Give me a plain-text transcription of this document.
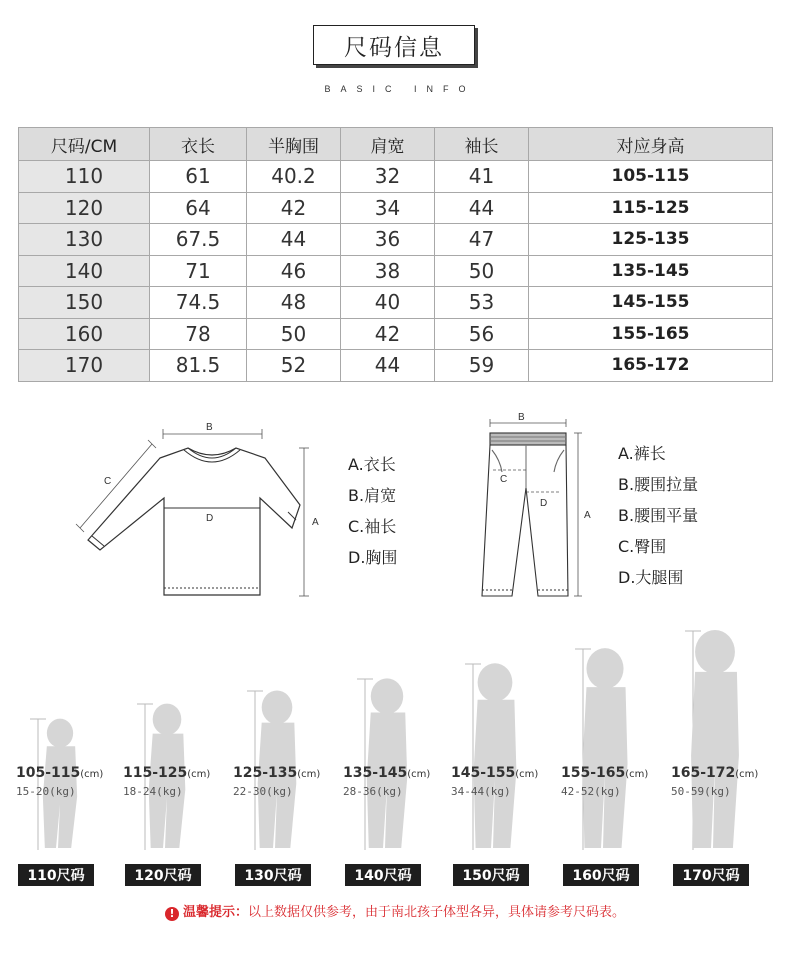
尺码信息
BASIC INFO
尺码/CM	衣长	半胸围	肩宽	袖长	对应身高
110	61	40.2	32	41	105-115
120	64	42	34	44	115-125
130	67.5	44	36	47	125-135
140	71	46	38	50	135-145
150	74.5	48	40	53	145-155
160	78	50	42	56	155-165
170	81.5	52	44	59	165-172
B
A
C
D
A.衣长
B.肩宽
C.袖长
D.胸围
B
A
C
D
A.裤长
B.腰围拉量
B.腰围平量
C.臀围
D.大腿围
105-115(cm)
15-20(kg)
110尺码
115-125(cm)
18-24(kg)
120尺码
125-135(cm)
22-30(kg)
130尺码
135-145(cm)
28-36(kg)
140尺码
145-155(cm)
34-44(kg)
150尺码
155-165(cm)
42-52(kg)
160尺码
165-172(cm)
50-59(kg)
170尺码
! 温馨提示：以上数据仅供参考，由于南北孩子体型各异，具体请参考尺码表。
